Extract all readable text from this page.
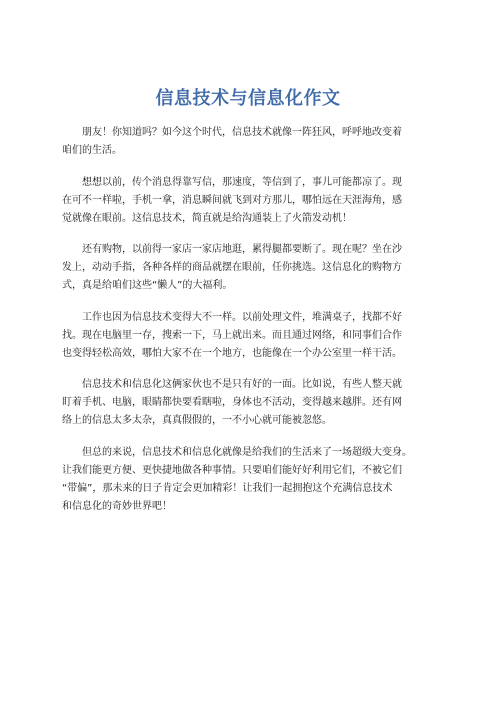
信息技术与信息化作文
朋友！你知道吗？如今这个时代，信息技术就像一阵狂风，呼呼地改变着
咱们的生活。
想想以前，传个消息得靠写信，那速度，等信到了，事儿可能都凉了。现
在可不一样啦，手机一拿，消息瞬间就飞到对方那儿，哪怕远在天涯海角，感
觉就像在眼前。这信息技术，简直就是给沟通装上了火箭发动机！
还有购物，以前得一家店一家店地逛，累得腿都要断了。现在呢？坐在沙
发上，动动手指，各种各样的商品就摆在眼前，任你挑选。这信息化的购物方
式，真是给咱们这些“懒人”的大福利。
工作也因为信息技术变得大不一样。以前处理文件，堆满桌子，找都不好
找。现在电脑里一存，搜索一下，马上就出来。而且通过网络，和同事们合作
也变得轻松高效，哪怕大家不在一个地方，也能像在一个办公室里一样干活。
信息技术和信息化这俩家伙也不是只有好的一面。比如说，有些人整天就
盯着手机、电脑，眼睛都快要看瞎啦，身体也不活动，变得越来越胖。还有网
络上的信息太多太杂，真真假假的，一不小心就可能被忽悠。
但总的来说，信息技术和信息化就像是给我们的生活来了一场超级大变身。
让我们能更方便、更快捷地做各种事情。只要咱们能好好利用它们，不被它们
“带偏”，那未来的日子肯定会更加精彩！让我们一起拥抱这个充满信息技术
和信息化的奇妙世界吧！
